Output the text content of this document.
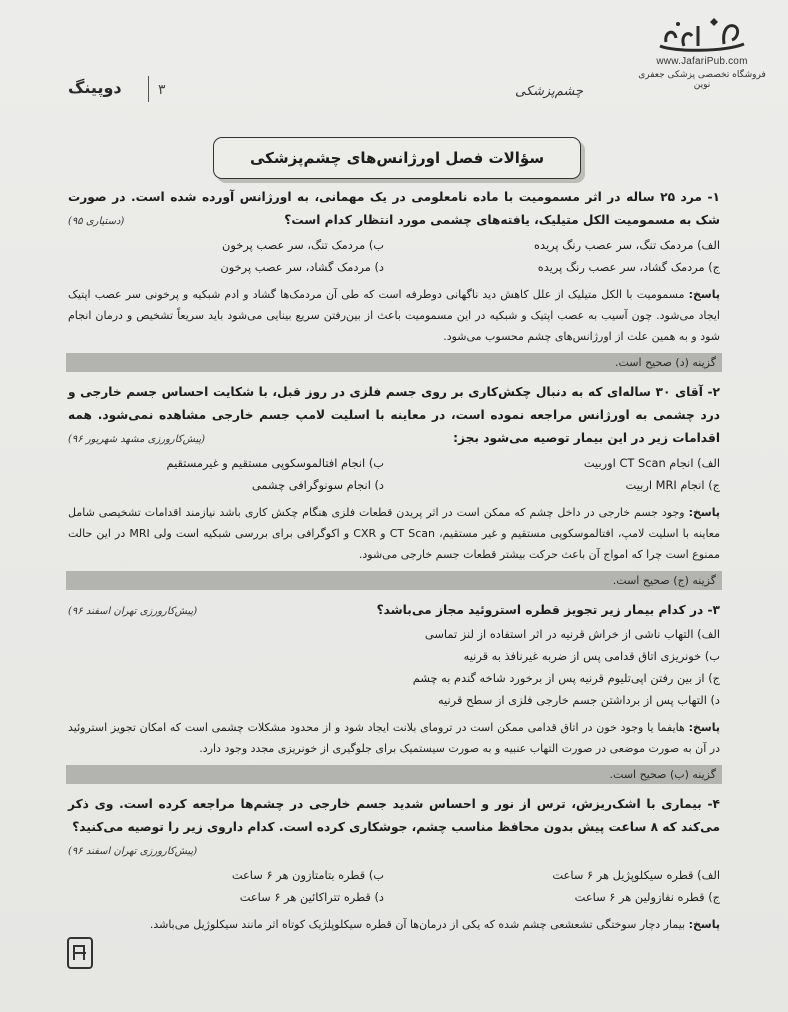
www.JafariPub.com
فروشگاه تخصصی پزشکی جعفری نوین
چشم‌پزشکی
۳
دوپینگ
سؤالات فصل اورژانس‌های چشم‌پزشکی
۱- مرد ۲۵ ساله در اثر مسمومیت با ماده نامعلومی در یک مهمانی، به اورژانس آورده شده است. در صورت شک به مسمومیت الکل متیلیک، یافته‌های چشمی مورد انتظار کدام است؟
(دستیاری ۹۵)
الف) مردمک تنگ، سر عصب رنگ پریده
ب) مردمک تنگ، سر عصب پرخون
ج) مردمک گشاد، سر عصب رنگ پریده
د) مردمک گشاد، سر عصب پرخون
پاسخ: مسمومیت با الکل متیلیک از علل کاهش دید ناگهانی دوطرفه است که طی آن مردمک‌ها گشاد و ادم شبکیه و پرخونی سر عصب اپتیک ایجاد می‌شود. چون آسیب به عصب اپتیک و شبکیه در این مسمومیت باعث از بین‌رفتن سریع بینایی می‌شود باید سریعاً تشخیص و درمان انجام شود و به همین علت از اورژانس‌های چشم محسوب می‌شود.
گزینه (د) صحیح است.
۲- آقای ۳۰ ساله‌ای که به دنبال چکش‌کاری بر روی جسم فلزی در روز قبل، با شکایت احساس جسم خارجی و درد چشمی به اورژانس مراجعه نموده است، در معاینه با اسلیت لامپ جسم خارجی مشاهده نمی‌شود. همه اقدامات زیر در این بیمار توصیه می‌شود بجز:
(پیش‌کارورزی مشهد شهریور ۹۶)
الف) انجام CT Scan اوربیت
ب) انجام افتالموسکوپی مستقیم و غیرمستقیم
ج) انجام MRI اربیت
د) انجام سونوگرافی چشمی
پاسخ: وجود جسم خارجی در داخل چشم که ممکن است در اثر پریدن قطعات فلزی هنگام چکش کاری باشد نیازمند اقدامات تشخیصی شامل معاینه با اسلیت لامپ، افتالموسکوپی مستقیم و غیر مستقیم، CT Scan و CXR و اکوگرافی برای بررسی شبکیه است ولی MRI در این حالت ممنوع است چرا که امواج آن باعث حرکت بیشتر قطعات جسم خارجی می‌شود.
گزینه (ج) صحیح است.
۳- در کدام بیمار زیر تجویز قطره استروئید مجاز می‌باشد؟
(پیش‌کارورزی تهران اسفند ۹۶)
الف) التهاب ناشی از خراش قرنیه در اثر استفاده از لنز تماسی
ب) خونریزی اتاق قدامی پس از ضربه غیرنافذ به قرنیه
ج) از بین رفتن اپی‌تلیوم قرنیه پس از برخورد شاخه گندم به چشم
د) التهاب پس از برداشتن جسم خارجی فلزی از سطح قرنیه
پاسخ: هایفما یا وجود خون در اتاق قدامی ممکن است در ترومای بلانت ایجاد شود و از محدود مشکلات چشمی است که امکان تجویز استروئید در آن به صورت موضعی در صورت التهاب عنبیه و به صورت سیستمیک برای جلوگیری از خونریزی مجدد وجود دارد.
گزینه (ب) صحیح است.
۴- بیماری با اشک‌ریزش، ترس از نور و احساس شدید جسم خارجی در چشم‌ها مراجعه کرده است. وی ذکر می‌کند که ۸ ساعت پیش بدون محافظ مناسب چشم، جوشکاری کرده است. کدام داروی زیر را توصیه می‌کنید؟
(پیش‌کارورزی تهران اسفند ۹۶)
الف) قطره سیکلوپژیل هر ۶ ساعت
ب) قطره بتامتازون هر ۶ ساعت
ج) قطره نفازولین هر ۶ ساعت
د) قطره تتراکائین هر ۶ ساعت
پاسخ: بیمار دچار سوختگی تشعشعی چشم شده که یکی از درمان‌ها آن قطره سیکلوپلژیک کوتاه اثر مانند سیکلوژیل می‌باشد.
